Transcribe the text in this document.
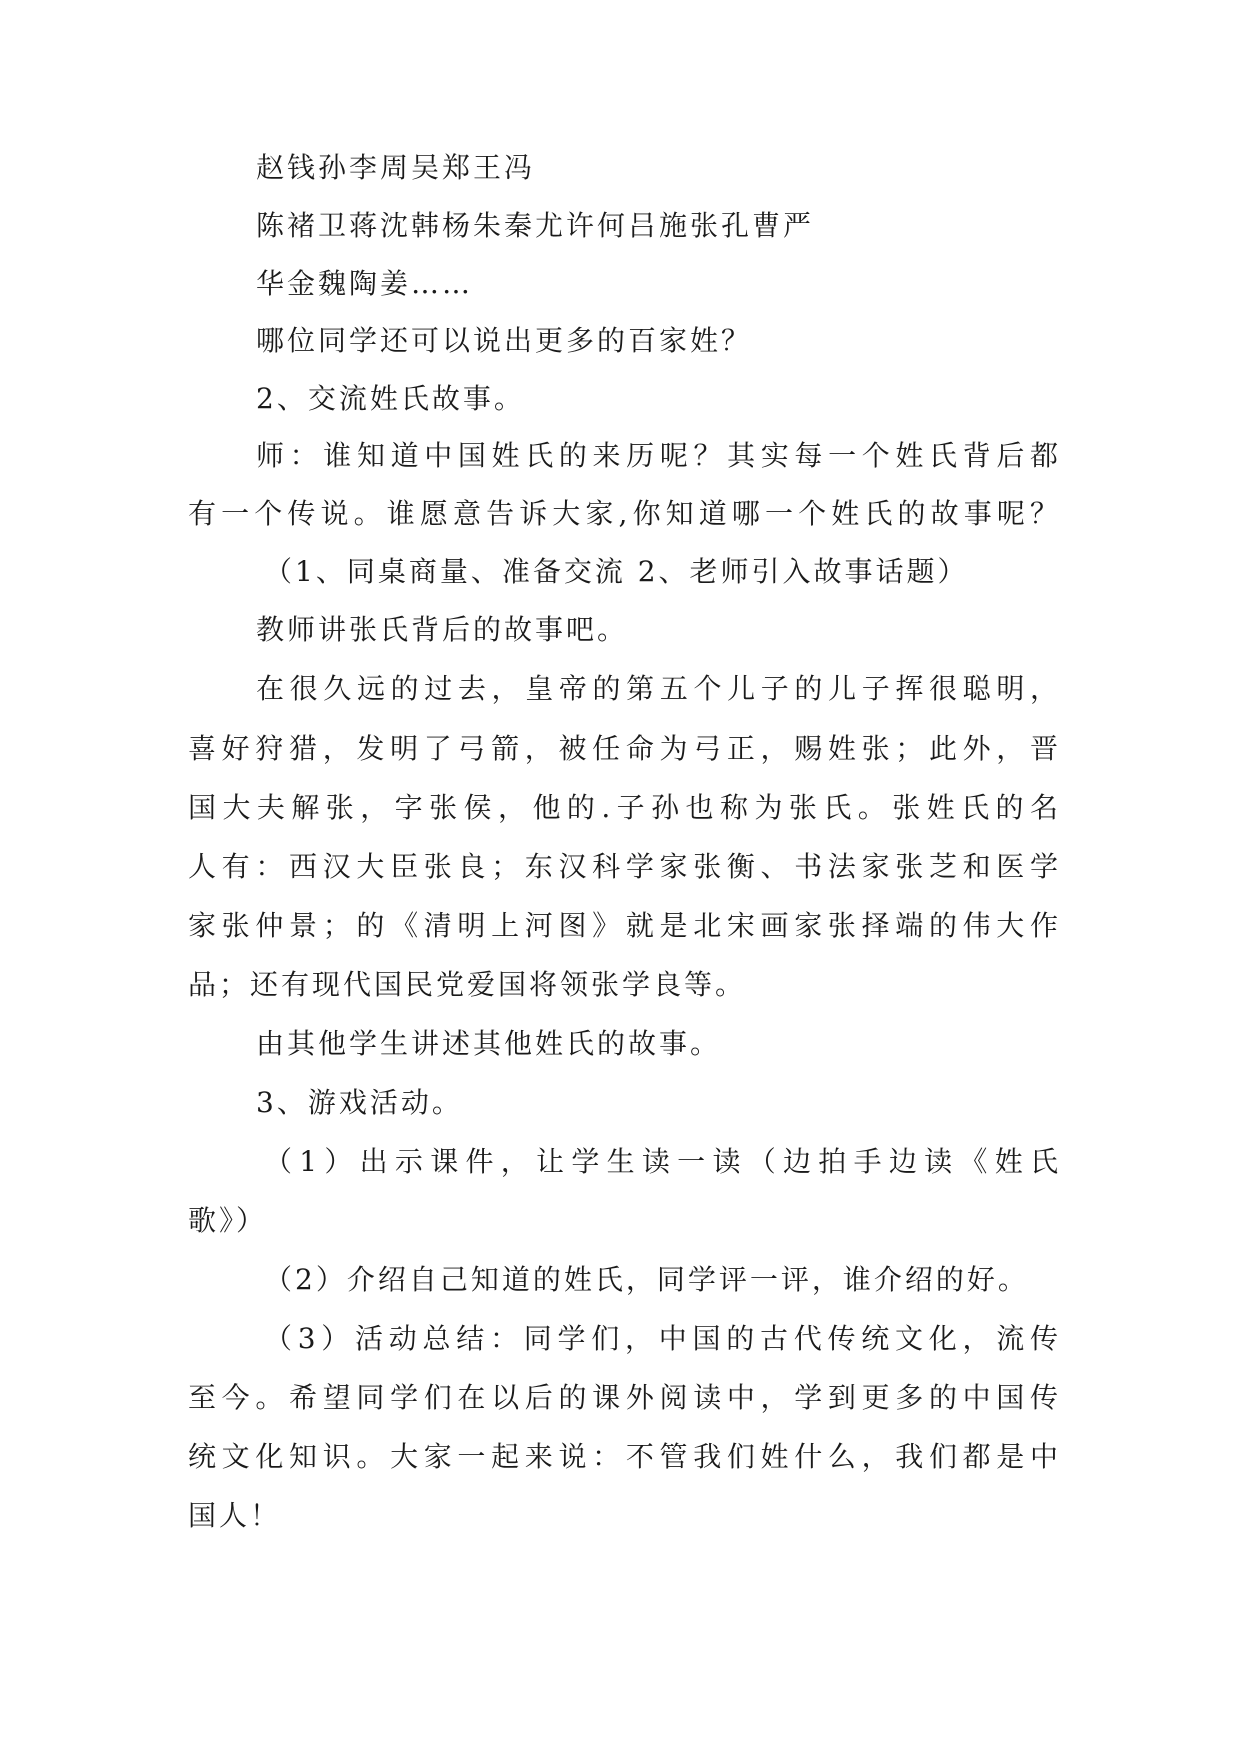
赵钱孙李周吴郑王冯
陈褚卫蒋沈韩杨朱秦尤许何吕施张孔曹严
华金魏陶姜……
哪位同学还可以说出更多的百家姓？
2、交流姓氏故事。
师：谁知道中国姓氏的来历呢？其实每一个姓氏背后都
有一个传说。谁愿意告诉大家,你知道哪一个姓氏的故事呢？
（1、同桌商量、准备交流 2、老师引入故事话题）
教师讲张氏背后的故事吧。
在很久远的过去，皇帝的第五个儿子的儿子挥很聪明，
喜好狩猎，发明了弓箭，被任命为弓正，赐姓张；此外，晋
国大夫解张，字张侯，他的.子孙也称为张氏。张姓氏的名
人有：西汉大臣张良；东汉科学家张衡、书法家张芝和医学
家张仲景；的《清明上河图》就是北宋画家张择端的伟大作
品；还有现代国民党爱国将领张学良等。
由其他学生讲述其他姓氏的故事。
3、游戏活动。
（1）出示课件，让学生读一读（边拍手边读《姓氏
歌》）
（2）介绍自己知道的姓氏，同学评一评，谁介绍的好。
（3）活动总结：同学们，中国的古代传统文化，流传
至今。希望同学们在以后的课外阅读中，学到更多的中国传
统文化知识。大家一起来说：不管我们姓什么，我们都是中
国人！
